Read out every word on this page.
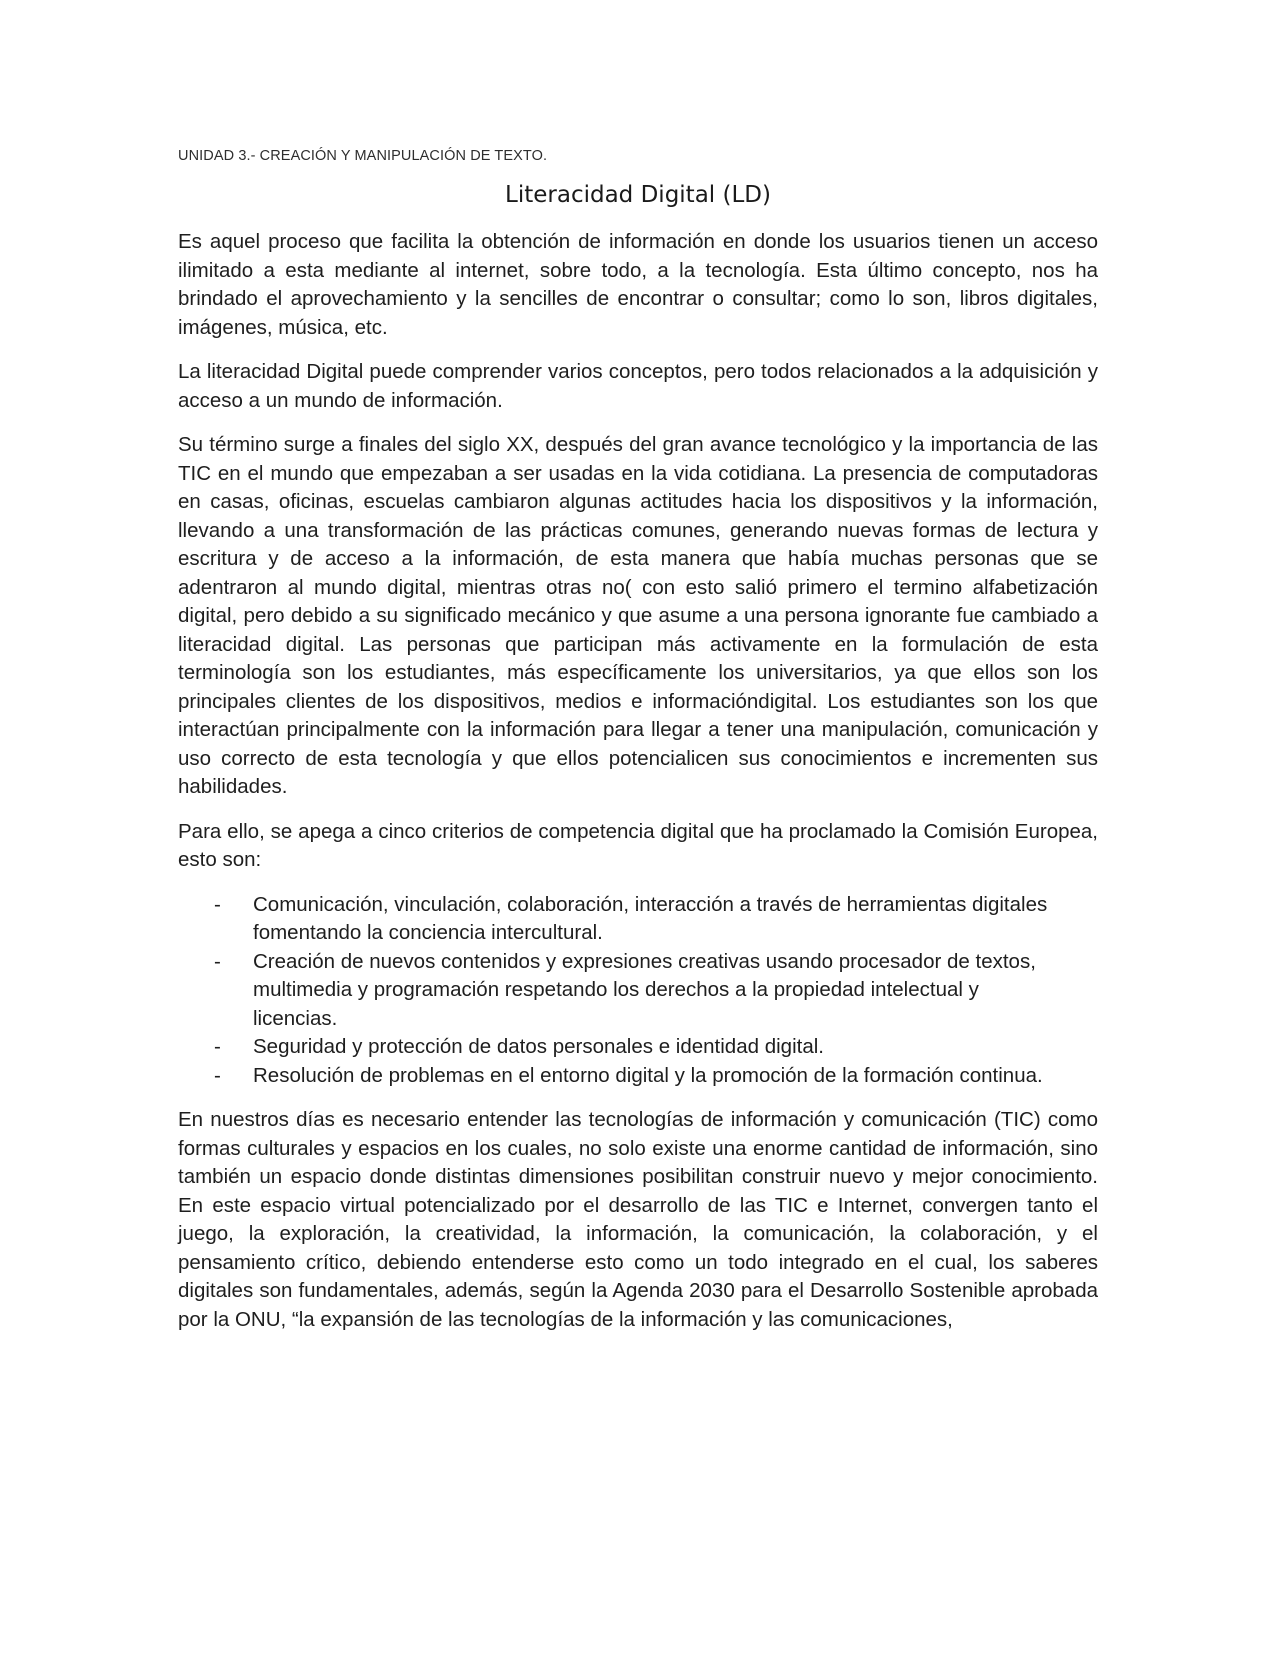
UNIDAD 3.- CREACIÓN Y MANIPULACIÓN DE TEXTO.
Literacidad Digital (LD)

Es aquel proceso que facilita la obtención de información en donde los usuarios tienen un acceso ilimitado a esta mediante al internet, sobre todo, a la tecnología. Esta último concepto, nos ha brindado el aprovechamiento y la sencilles de encontrar o consultar; como lo son, libros digitales, imágenes, música, etc.

La literacidad Digital puede comprender varios conceptos, pero todos relacionados a la adquisición y acceso a un mundo de información.

Su término surge a finales del siglo XX, después del gran avance tecnológico y la importancia de las TIC en el mundo que empezaban a ser usadas en la vida cotidiana. La presencia de computadoras en casas, oficinas, escuelas cambiaron algunas actitudes hacia los dispositivos y la información, llevando a una transformación de las prácticas comunes, generando nuevas formas de lectura y escritura y de acceso a la información, de esta manera que había muchas personas que se adentraron al mundo digital, mientras otras no( con esto salió primero el termino alfabetización digital, pero debido a su significado mecánico y que asume a una persona ignorante fue cambiado a literacidad digital. Las personas que participan más activamente en la formulación de esta terminología son los estudiantes, más específicamente los universitarios, ya que ellos son los principales clientes de los dispositivos, medios e informacióndigital. Los estudiantes son los que interactúan principalmente con la información para llegar a tener una manipulación, comunicación y uso correcto de esta tecnología y que ellos potencialicen sus conocimientos e incrementen sus habilidades.

Para ello, se apega a cinco criterios de competencia digital que ha proclamado la Comisión Europea, esto son:

- Comunicación, vinculación, colaboración, interacción a través de herramientas digitales fomentando la conciencia intercultural.
- Creación de nuevos contenidos y expresiones creativas usando procesador de textos, multimedia y programación respetando los derechos a la propiedad intelectual y licencias.
- Seguridad y protección de datos personales e identidad digital.
- Resolución de problemas en el entorno digital y la promoción de la formación continua.

En nuestros días es necesario entender las tecnologías de información y comunicación (TIC) como formas culturales y espacios en los cuales, no solo existe una enorme cantidad de información, sino también un espacio donde distintas dimensiones posibilitan construir nuevo y mejor conocimiento. En este espacio virtual potencializado por el desarrollo de las TIC e Internet, convergen tanto el juego, la exploración, la creatividad, la información, la comunicación, la colaboración, y el pensamiento crítico, debiendo entenderse esto como un todo integrado en el cual, los saberes digitales son fundamentales, además, según la Agenda 2030 para el Desarrollo Sostenible aprobada por la ONU, “la expansión de las tecnologías de la información y las comunicaciones,
